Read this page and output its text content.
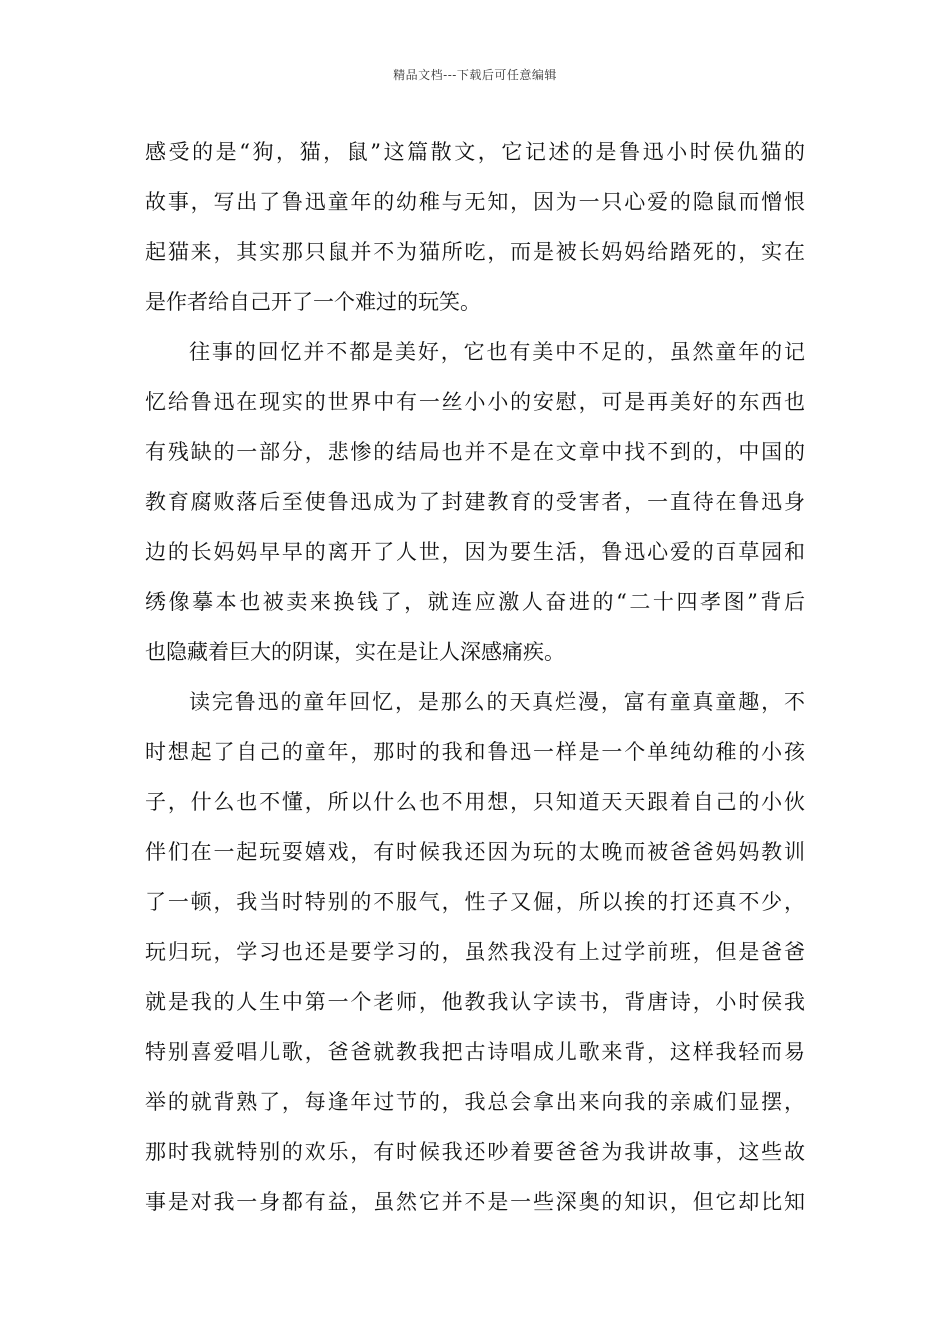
精品文档---下载后可任意编辑
感受的是“狗，猫，鼠”这篇散文，它记述的是鲁迅小时侯仇猫的
故事，写出了鲁迅童年的幼稚与无知，因为一只心爱的隐鼠而憎恨
起猫来，其实那只鼠并不为猫所吃，而是被长妈妈给踏死的，实在
是作者给自己开了一个难过的玩笑。
往事的回忆并不都是美好，它也有美中不足的，虽然童年的记
忆给鲁迅在现实的世界中有一丝小小的安慰，可是再美好的东西也
有残缺的一部分，悲惨的结局也并不是在文章中找不到的，中国的
教育腐败落后至使鲁迅成为了封建教育的受害者，一直待在鲁迅身
边的长妈妈早早的离开了人世，因为要生活，鲁迅心爱的百草园和
绣像摹本也被卖来换钱了，就连应激人奋进的“二十四孝图”背后
也隐藏着巨大的阴谋，实在是让人深感痛疾。
读完鲁迅的童年回忆，是那么的天真烂漫，富有童真童趣，不
时想起了自己的童年，那时的我和鲁迅一样是一个单纯幼稚的小孩
子，什么也不懂，所以什么也不用想，只知道天天跟着自己的小伙
伴们在一起玩耍嬉戏，有时候我还因为玩的太晚而被爸爸妈妈教训
了一顿，我当时特别的不服气，性子又倔，所以挨的打还真不少，
玩归玩，学习也还是要学习的，虽然我没有上过学前班，但是爸爸
就是我的人生中第一个老师，他教我认字读书，背唐诗，小时侯我
特别喜爱唱儿歌，爸爸就教我把古诗唱成儿歌来背，这样我轻而易
举的就背熟了，每逢年过节的，我总会拿出来向我的亲戚们显摆，
那时我就特别的欢乐，有时候我还吵着要爸爸为我讲故事，这些故
事是对我一身都有益，虽然它并不是一些深奥的知识，但它却比知
